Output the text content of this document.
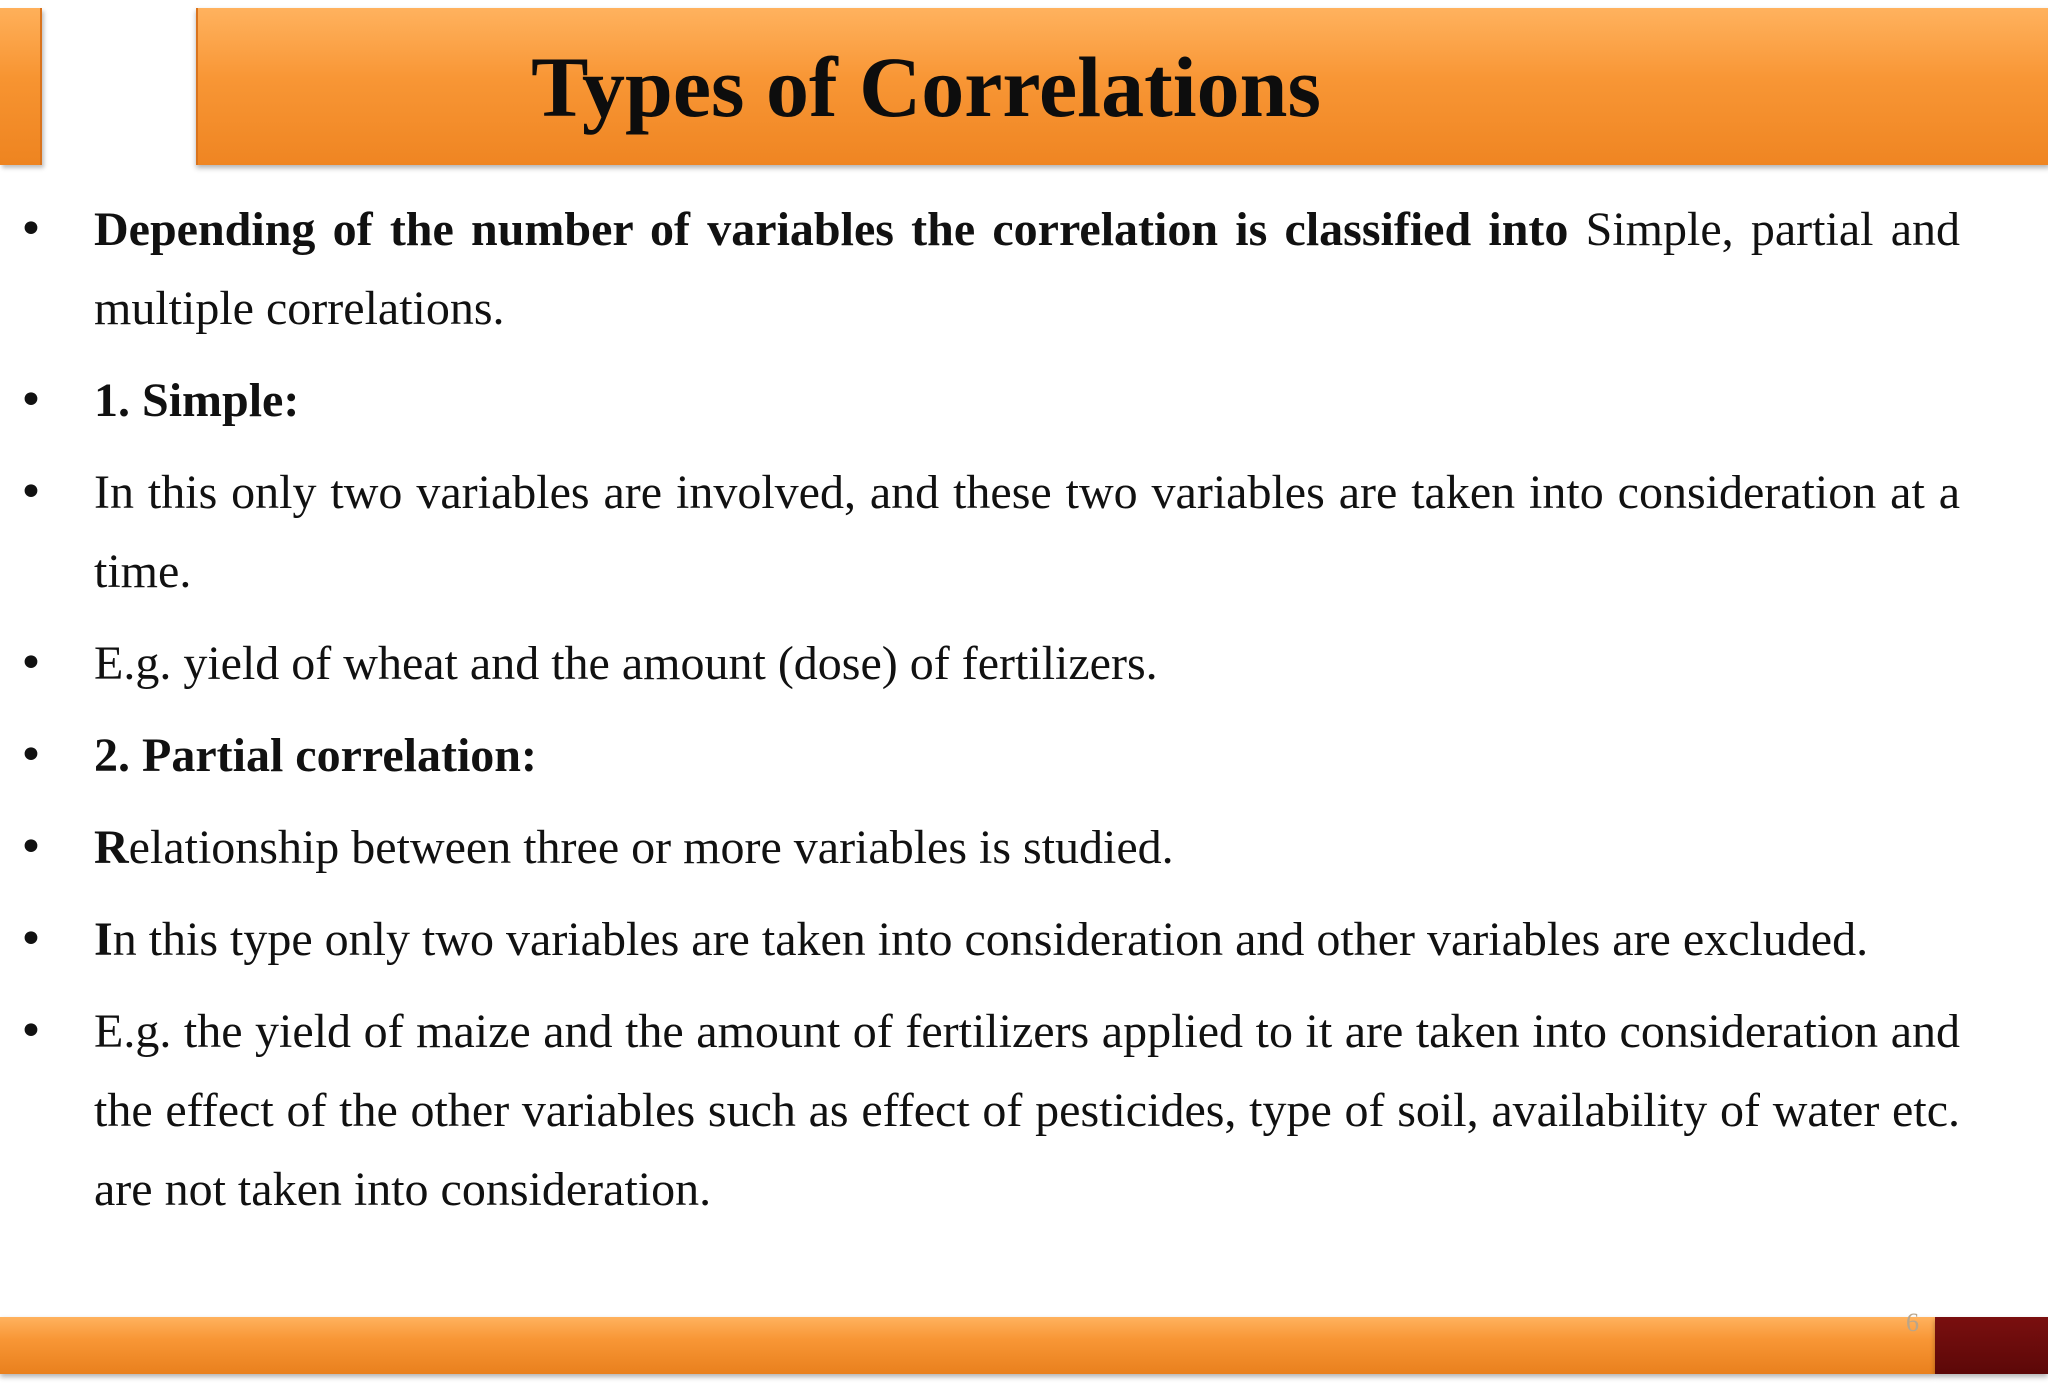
Types of Correlations
• Depending of the number of variables the correlation is classified into Simple, partial and multiple correlations.
• 1. Simple:
• In this only two variables are involved, and these two variables are taken into consideration at a time.
• E.g. yield of wheat and the amount (dose) of fertilizers.
• 2. Partial correlation:
• Relationship between three or more variables is studied.
• In this type only two variables are taken into consideration and other variables are excluded.
• E.g. the yield of maize and the amount of fertilizers applied to it are taken into consideration and the effect of the other variables such as effect of pesticides, type of soil, availability of water etc. are not taken into consideration.
6
